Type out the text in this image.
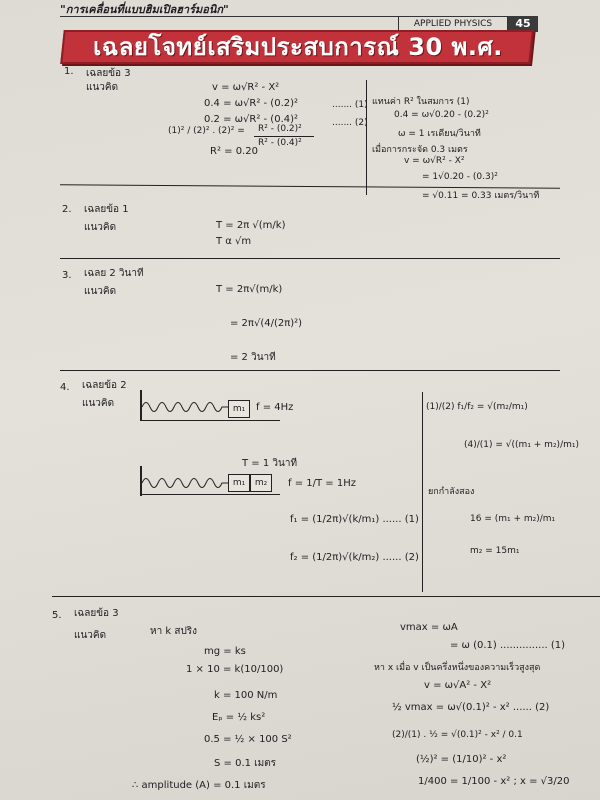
"การเคลื่อนที่แบบฮิมเปิลฮาร์มอนิก"
APPLIED PHYSICS	45
เฉลยโจทย์เสริมประสบการณ์ 30 พ.ศ.
1. เฉลยข้อ 3
แนวคิด	v = ω√R² - X²
0.4 = ω√R² - (0.2)²	....... (1)
0.2 = ω√R² - (0.4)²	....... (2)
(1)² / (2)² . (2)² = R² - (0.2)²
R² - (0.4)²
R² = 0.20
แทนค่า R² ในสมการ (1)
0.4 = ω√0.20 - (0.2)²
ω = 1 เรเดียน/วินาที
เมื่อการกระจัด 0.3 เมตร
v = ω√R² - X²
= 1√0.20 - (0.3)²
= √0.11 = 0.33 เมตร/วินาที
2. เฉลยข้อ 1
แนวคิด	T = 2π √(m/k)
T α √m
3. เฉลย 2 วินาที
แนวคิด	T = 2π√(m/k)
= 2π√(4/(2π)²)
= 2 วินาที
4. เฉลยข้อ 2
แนวคิด	m₁	f = 4Hz
T = 1 วินาที
m₁	m₂	f = 1/T = 1Hz
f₁ = (1/2π)√(k/m₁) ...... (1)
f₂ = (1/2π)√(k/m₂) ...... (2)
(1)/(2) f₁/f₂ = √(m₂/m₁)
(4)/(1) = √((m₁ + m₂)/m₁)
ยกกำลังสอง
16 = (m₁ + m₂)/m₁
m₂ = 15m₁
5. เฉลยข้อ 3
แนวคิด	หา k สปริง
mg = ks
1 × 10 = k(10/100)
k = 100 N/m
Eₚ = ½ ks²
0.5 = ½ × 100 S²
S = 0.1 เมตร
∴ amplitude (A) = 0.1 เมตร
vmax = ωA
= ω (0.1) ............... (1)
หา x เมื่อ v เป็นครึ่งหนึ่งของความเร็วสูงสุด
v = ω√A² - X²
½ vmax = ω√(0.1)² - x² ...... (2)
(2)/(1) . ½ = √(0.1)² - x² / 0.1
(½)² = (1/10)² - x²
1/400 = 1/100 - x² ; x = √3/20
